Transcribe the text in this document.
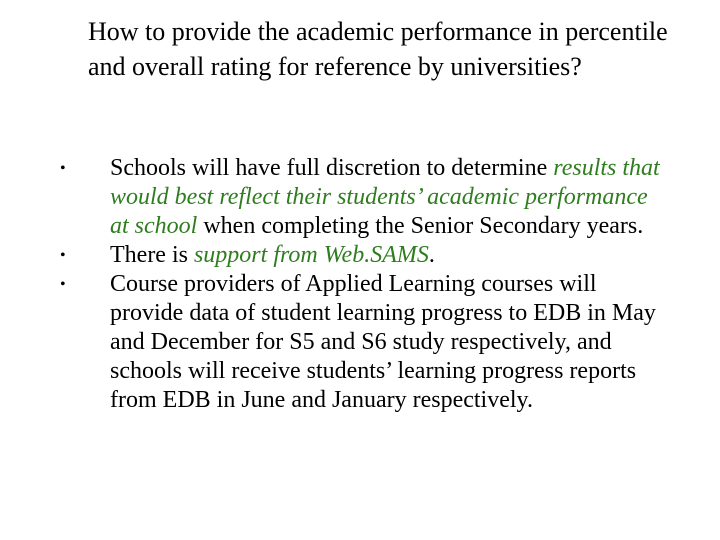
How to provide the academic performance in percentile and overall rating for reference by universities?
• Schools will have full discretion to determine results that would best reflect their students’ academic performance at school when completing the Senior Secondary years.
• There is support from Web.SAMS.
• Course providers of Applied Learning courses will provide data of student learning progress to EDB in May and December for S5 and S6 study respectively, and schools will receive students’ learning progress reports from EDB in June and January respectively.
